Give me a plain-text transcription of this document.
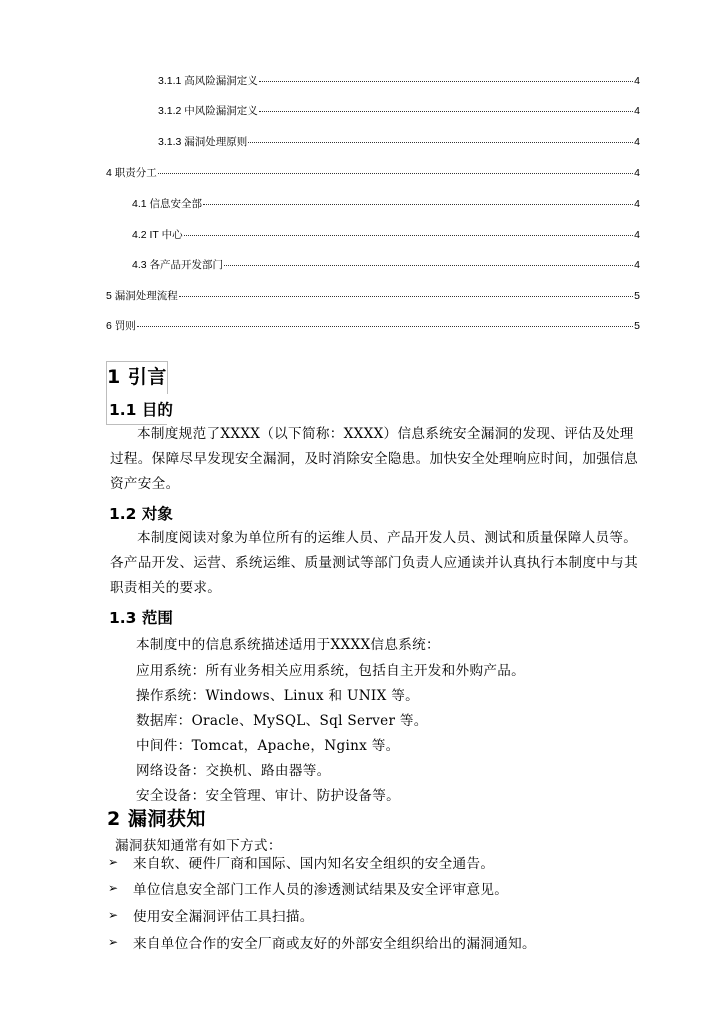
3.1.1 高风险漏洞定义	4
3.1.2 中风险漏洞定义	4
3.1.3 漏洞处理原则	4
4 职责分工	4
4.1 信息安全部	4
4.2 IT 中心	4
4.3 各产品开发部门	4
5 漏洞处理流程	5
6 罚则	5
1 引言
1.1 目的
本制度规范了XXXX（以下简称：XXXX）信息系统安全漏洞的发现、评估及处理过程。保障尽早发现安全漏洞，及时消除安全隐患。加快安全处理响应时间，加强信息资产安全。
1.2 对象
本制度阅读对象为单位所有的运维人员、产品开发人员、测试和质量保障人员等。各产品开发、运营、系统运维、质量测试等部门负责人应通读并认真执行本制度中与其职责相关的要求。
1.3 范围
本制度中的信息系统描述适用于XXXX信息系统：
应用系统：所有业务相关应用系统，包括自主开发和外购产品。
操作系统：Windows、Linux 和 UNIX 等。
数据库：Oracle、MySQL、Sql Server 等。
中间件：Tomcat，Apache，Nginx 等。
网络设备：交换机、路由器等。
安全设备：安全管理、审计、防护设备等。
2 漏洞获知
漏洞获知通常有如下方式：
➢ 来自软、硬件厂商和国际、国内知名安全组织的安全通告。
➢ 单位信息安全部门工作人员的渗透测试结果及安全评审意见。
➢ 使用安全漏洞评估工具扫描。
➢ 来自单位合作的安全厂商或友好的外部安全组织给出的漏洞通知。
